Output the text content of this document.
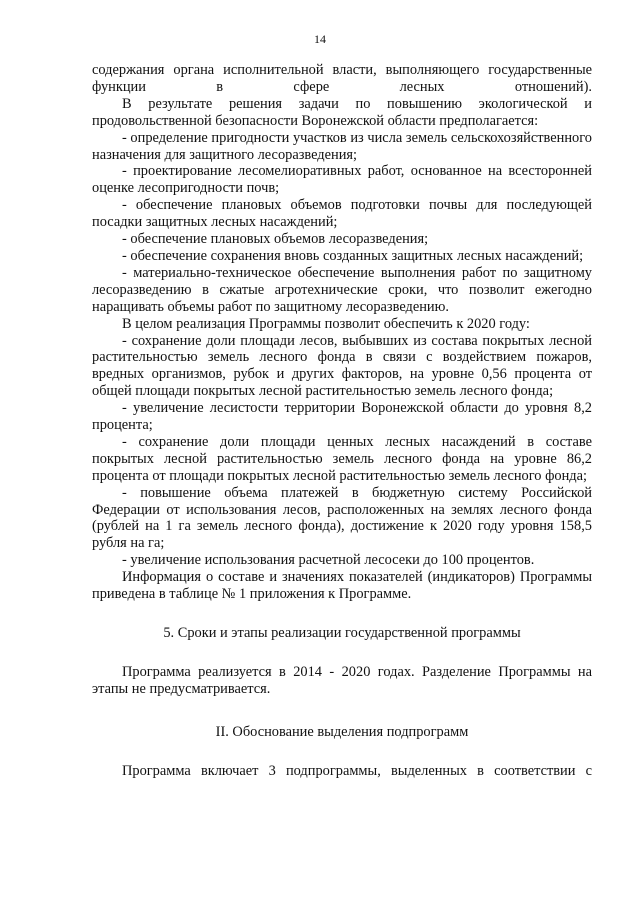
14

содержания органа исполнительной власти, выполняющего государственные функции в сфере лесных отношений).

В результате решения задачи по повышению экологической и продовольственной безопасности Воронежской области предполагается:

- определение пригодности участков из числа земель сельскохозяйственного назначения для защитного лесоразведения;

- проектирование лесомелиоративных работ, основанное на всесторонней оценке лесопригодности почв;

- обеспечение плановых объемов подготовки почвы для последующей посадки защитных лесных насаждений;

- обеспечение плановых объемов лесоразведения;

- обеспечение сохранения вновь созданных защитных лесных насаждений;

- материально-техническое обеспечение выполнения работ по защитному лесоразведению в сжатые агротехнические сроки, что позволит ежегодно наращивать объемы работ по защитному лесоразведению.

В целом реализация Программы позволит обеспечить к 2020 году:

- сохранение доли площади лесов, выбывших из состава покрытых лесной растительностью земель лесного фонда в связи с воздействием пожаров, вредных организмов, рубок и других факторов, на уровне 0,56 процента от общей площади покрытых лесной растительностью земель лесного фонда;

- увеличение лесистости территории Воронежской области до уровня 8,2 процента;

- сохранение доли площади ценных лесных насаждений в составе покрытых лесной растительностью земель лесного фонда на уровне 86,2 процента от площади покрытых лесной растительностью земель лесного фонда;

- повышение объема платежей в бюджетную систему Российской Федерации от использования лесов, расположенных на землях лесного фонда (рублей на 1 га земель лесного фонда), достижение к 2020 году уровня 158,5 рубля на га;

- увеличение использования расчетной лесосеки до 100 процентов.

Информация о составе и значениях показателей (индикаторов) Программы приведена в таблице № 1 приложения к Программе.

5. Сроки и этапы реализации государственной программы

Программа реализуется в 2014 - 2020 годах. Разделение Программы на этапы не предусматривается.

II. Обоснование выделения подпрограмм

Программа включает 3 подпрограммы, выделенных в соответствии с
